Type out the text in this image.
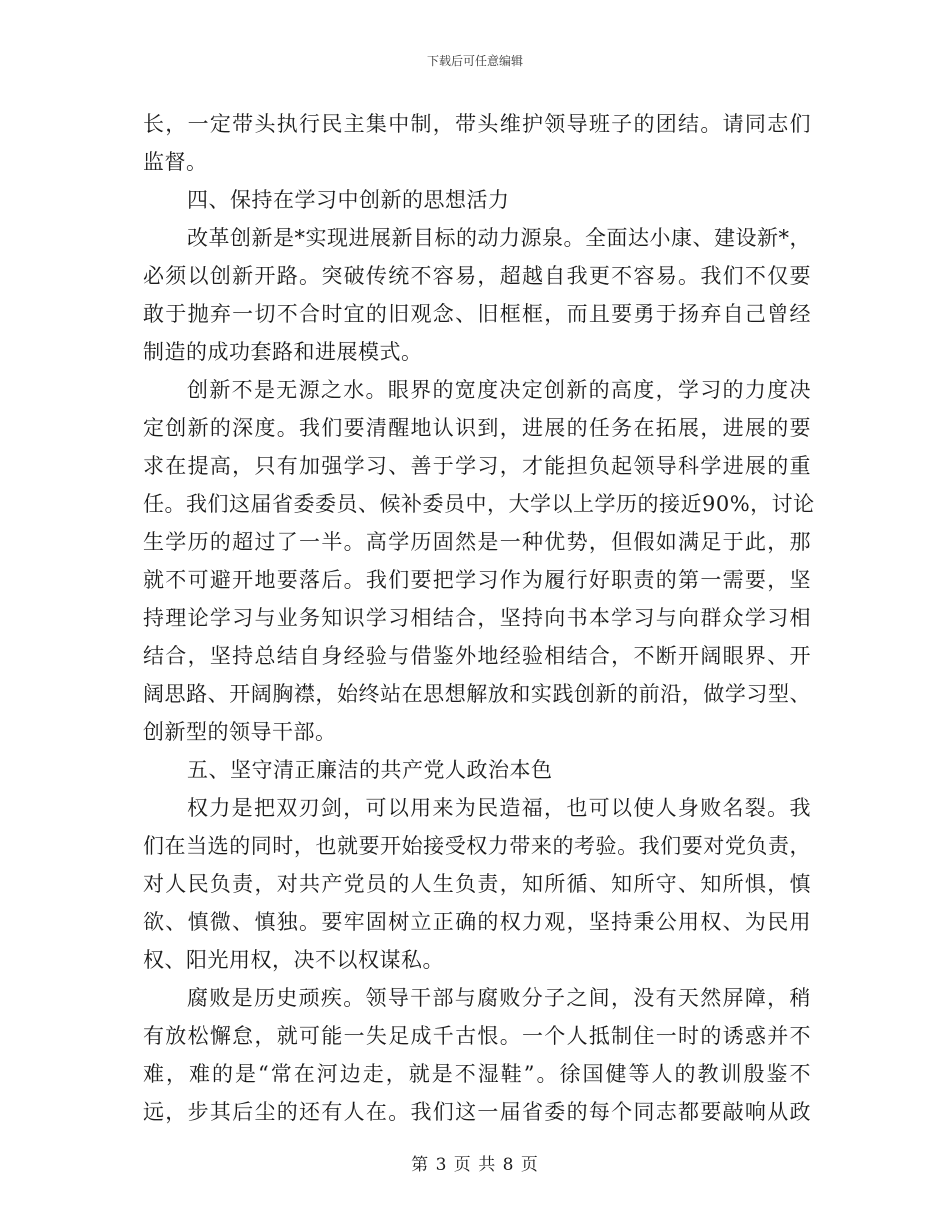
下载后可任意编辑
长，一定带头执行民主集中制，带头维护领导班子的团结。请同志们
监督。
四、保持在学习中创新的思想活力
改革创新是*实现进展新目标的动力源泉。全面达小康、建设新*，
必须以创新开路。突破传统不容易，超越自我更不容易。我们不仅要
敢于抛弃一切不合时宜的旧观念、旧框框，而且要勇于扬弃自己曾经
制造的成功套路和进展模式。
创新不是无源之水。眼界的宽度决定创新的高度，学习的力度决
定创新的深度。我们要清醒地认识到，进展的任务在拓展，进展的要
求在提高，只有加强学习、善于学习，才能担负起领导科学进展的重
任。我们这届省委委员、候补委员中，大学以上学历的接近90%，讨论
生学历的超过了一半。高学历固然是一种优势，但假如满足于此，那
就不可避开地要落后。我们要把学习作为履行好职责的第一需要，坚
持理论学习与业务知识学习相结合，坚持向书本学习与向群众学习相
结合，坚持总结自身经验与借鉴外地经验相结合，不断开阔眼界、开
阔思路、开阔胸襟，始终站在思想解放和实践创新的前沿，做学习型、
创新型的领导干部。
五、坚守清正廉洁的共产党人政治本色
权力是把双刃剑，可以用来为民造福，也可以使人身败名裂。我
们在当选的同时，也就要开始接受权力带来的考验。我们要对党负责，
对人民负责，对共产党员的人生负责，知所循、知所守、知所惧，慎
欲、慎微、慎独。要牢固树立正确的权力观，坚持秉公用权、为民用
权、阳光用权，决不以权谋私。
腐败是历史顽疾。领导干部与腐败分子之间，没有天然屏障，稍
有放松懈怠，就可能一失足成千古恨。一个人抵制住一时的诱惑并不
难，难的是“常在河边走，就是不湿鞋”。徐国健等人的教训殷鉴不
远，步其后尘的还有人在。我们这一届省委的每个同志都要敲响从政
第 3 页 共 8 页
